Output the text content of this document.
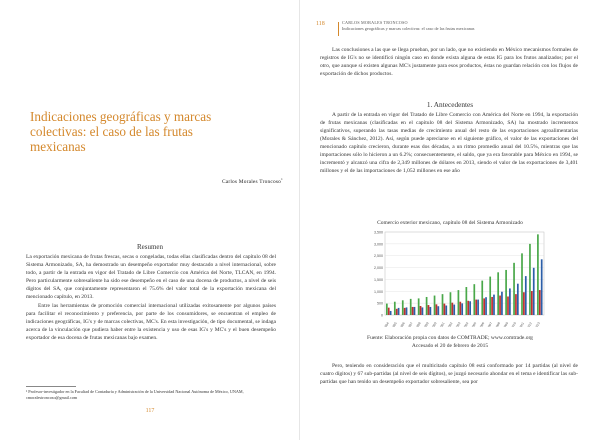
Indicaciones geográficas y marcas colectivas: el caso de las frutas mexicanas
Carlos Morales Troncoso$^1$
Resumen

La exportación mexicana de frutas frescas, secas o congeladas, todas ellas clasificadas dentro del capítulo 08 del Sistema Armonizado, SA, ha demostrado un desempeño exportador muy destacado a nivel internacional, sobre todo, a partir de la entrada en vigor del Tratado de Libre Comercio con América del Norte, TLCAN, en 1994. Pero particularmente sobresaliente ha sido ese desempeño en el caso de una docena de productos, a nivel de seis dígitos del SA, que conjuntamente representaron el 75.6% del valor total de la exportación mexicana del mencionado capítulo, en 2013.

Entre las herramientas de promoción comercial internacional utilizadas exitosamente por algunos países para facilitar el reconocimiento y preferencia, por parte de los consumidores, se encuentran el empleo de indicaciones geográficas, IG's y de marcas colectivas, MC's. En esta investigación, de tipo documental, se indaga acerca de la vinculación que pudiera haber entre la existencia y uso de esas IG's y MC's y el buen desempeño exportador de esa docena de frutas mexicanas bajo examen.

¹ Profesor-investigador en la Facultad de Contaduría y Administración de la Universidad Nacional Autónoma de México, UNAM, cmoralestroncoso@gmail.com
117
118	CARLOS MORALES TRONCOSO
Indicaciones geográficas y marcas colectivas: el caso de las frutas mexicanas

Las conclusiones a las que se llega prueban, por un lado, que no existiendo en México mecanismos formales de registros de IG's no se identificó ningún caso en donde exista alguna de estas IG para los frutos analizados; por el otro, que aunque sí existen algunas MC's justamente para esos productos, éstas no guardan relación con los flujos de exportación de dichos productos.

1. Antecedentes

A partir de la entrada en vigor del Tratado de Libre Comercio con América del Norte en 1994, la exportación de frutas mexicanas (clasificadas en el capítulo 08 del Sistema Armonizado, SA) ha mostrado incrementos significativos, superando las tasas medias de crecimiento anual del resto de las exportaciones agroalimentarias (Morales & Sánchez, 2012). Así, según puede apreciarse en el siguiente gráfico, el valor de las exportaciones del mencionado capítulo crecieron, durante esas dos décadas, a un ritmo promedio anual del 10.5%, mientras que las importaciones sólo lo hicieron a un 6.2%; consecuentemente, el saldo, que ya era favorable para México en 1994, se incrementó y alcanzó una cifra de 2,349 millones de dólares en 2013, siendo el valor de las exportaciones de 3,401 millones y el de las importaciones de 1,052 millones en ese año

Comercio exterior mexicano, capítulo 08 del Sistema Armonizado
0
500
1,000
1,500
2,000
2,500
3,000
3,500
1994 1995 1996 1997 1998 1999 2000 2001 2002 2003 2004 2005 2006 2007 2008 2009 2010 2011 2012 2013
Fuente: Elaboración propia con datos de COMTRADE; www.comtrade.org
Accesado el 20 de febrero de 2015

Pero, teniendo en consideración que el multicitado capítulo 08 está conformado por 14 partidas (al nivel de cuatro dígitos) y 67 sub-partidas (al nivel de seis dígitos), se juzgó necesario ahondar en el tema e identificar las sub-partidas que han tenido un desempeño exportador sobresaliente, sea por
